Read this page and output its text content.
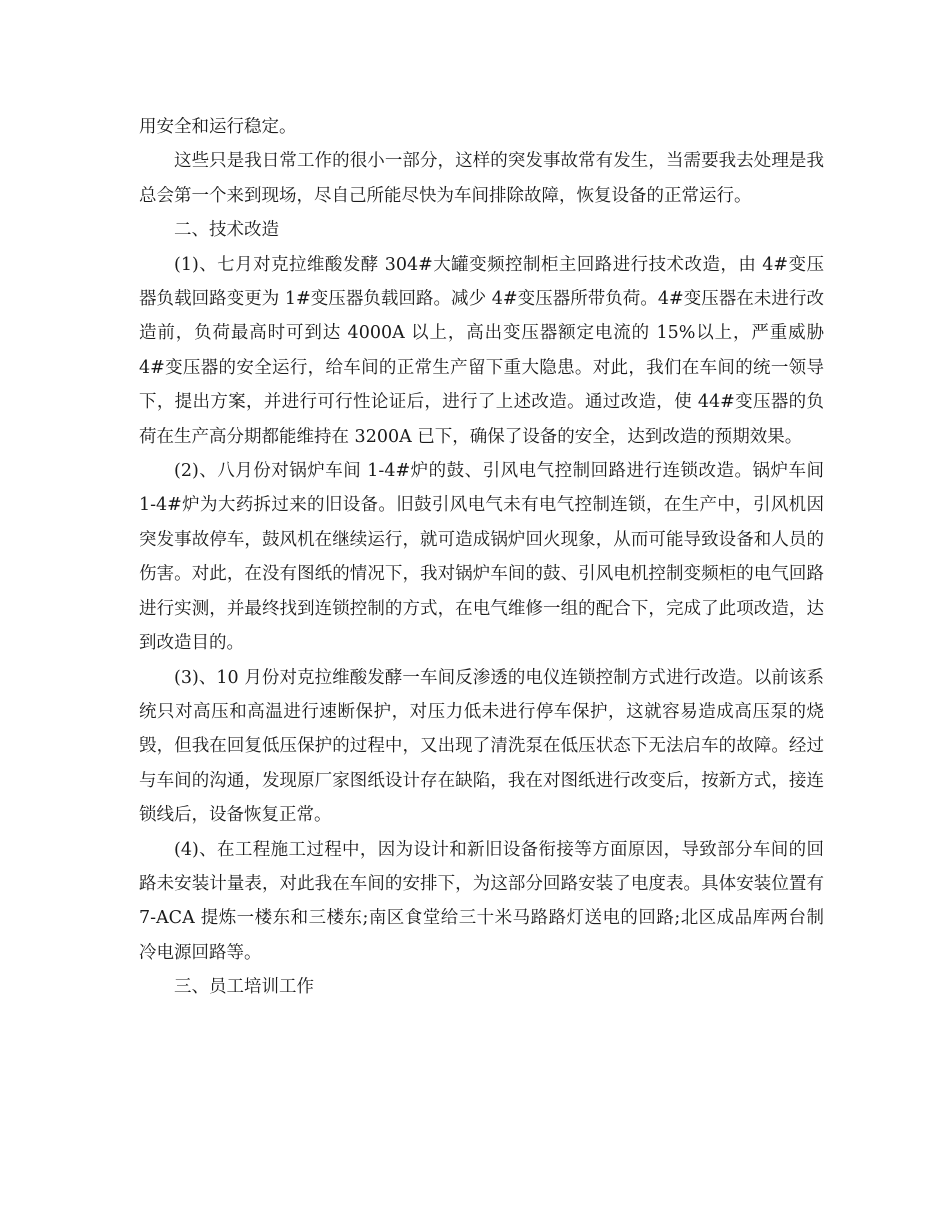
用安全和运行稳定。

这些只是我日常工作的很小一部分，这样的突发事故常有发生，当需要我去处理是我总会第一个来到现场，尽自己所能尽快为车间排除故障，恢复设备的正常运行。

二、技术改造

(1)、七月对克拉维酸发酵 304#大罐变频控制柜主回路进行技术改造，由 4#变压器负载回路变更为 1#变压器负载回路。减少 4#变压器所带负荷。4#变压器在未进行改造前，负荷最高时可到达 4000A 以上，高出变压器额定电流的 15%以上，严重威胁 4#变压器的安全运行，给车间的正常生产留下重大隐患。对此，我们在车间的统一领导下，提出方案，并进行可行性论证后，进行了上述改造。通过改造，使 44#变压器的负荷在生产高分期都能维持在 3200A 已下，确保了设备的安全，达到改造的预期效果。

(2)、八月份对锅炉车间 1-4#炉的鼓、引风电气控制回路进行连锁改造。锅炉车间 1-4#炉为大药拆过来的旧设备。旧鼓引风电气未有电气控制连锁，在生产中，引风机因突发事故停车，鼓风机在继续运行，就可造成锅炉回火现象，从而可能导致设备和人员的伤害。对此，在没有图纸的情况下，我对锅炉车间的鼓、引风电机控制变频柜的电气回路进行实测，并最终找到连锁控制的方式，在电气维修一组的配合下，完成了此项改造，达到改造目的。

(3)、10 月份对克拉维酸发酵一车间反渗透的电仪连锁控制方式进行改造。以前该系统只对高压和高温进行速断保护，对压力低未进行停车保护，这就容易造成高压泵的烧毁，但我在回复低压保护的过程中，又出现了清洗泵在低压状态下无法启车的故障。经过与车间的沟通，发现原厂家图纸设计存在缺陷，我在对图纸进行改变后，按新方式，接连锁线后，设备恢复正常。

(4)、在工程施工过程中，因为设计和新旧设备衔接等方面原因，导致部分车间的回路未安装计量表，对此我在车间的安排下，为这部分回路安装了电度表。具体安装位置有 7-ACA 提炼一楼东和三楼东;南区食堂给三十米马路路灯送电的回路;北区成品库两台制冷电源回路等。

三、员工培训工作
